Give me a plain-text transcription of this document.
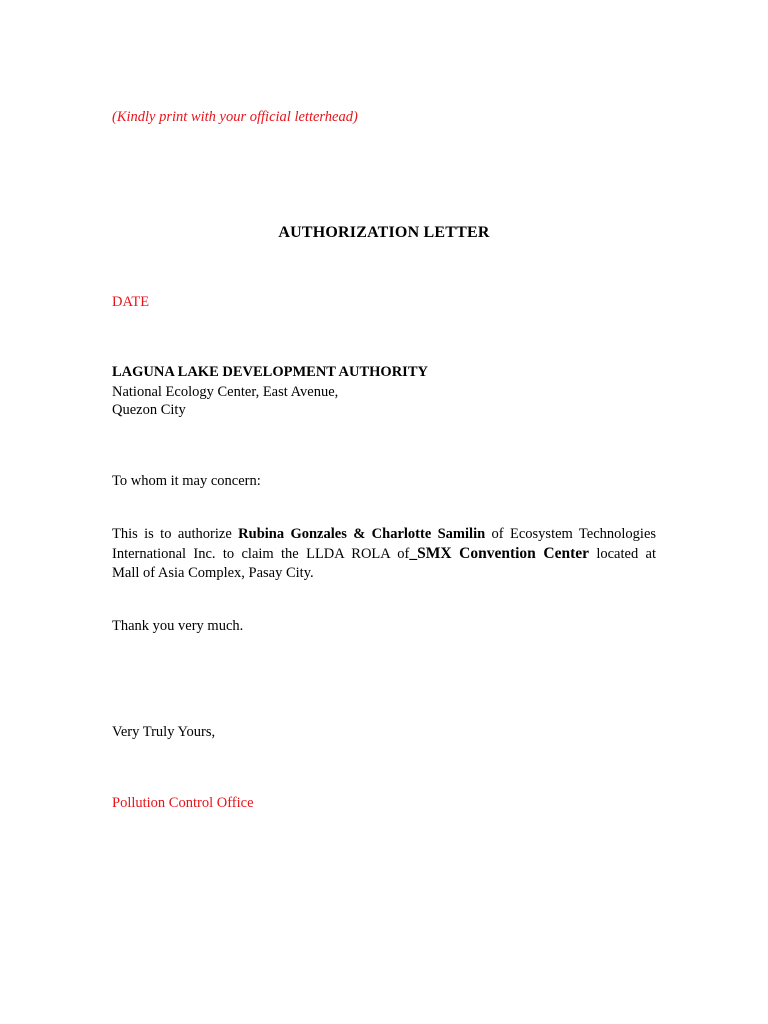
(Kindly print with your official letterhead)
AUTHORIZATION LETTER
DATE
LAGUNA LAKE DEVELOPMENT AUTHORITY
National Ecology Center, East Avenue,
Quezon City
To whom it may concern:
This is to authorize Rubina Gonzales & Charlotte Samilin of Ecosystem Technologies
International Inc. to claim the LLDA ROLA of_SMX Convention Center located at
Mall of Asia Complex, Pasay City.
Thank you very much.
Very Truly Yours,
Pollution Control Office
